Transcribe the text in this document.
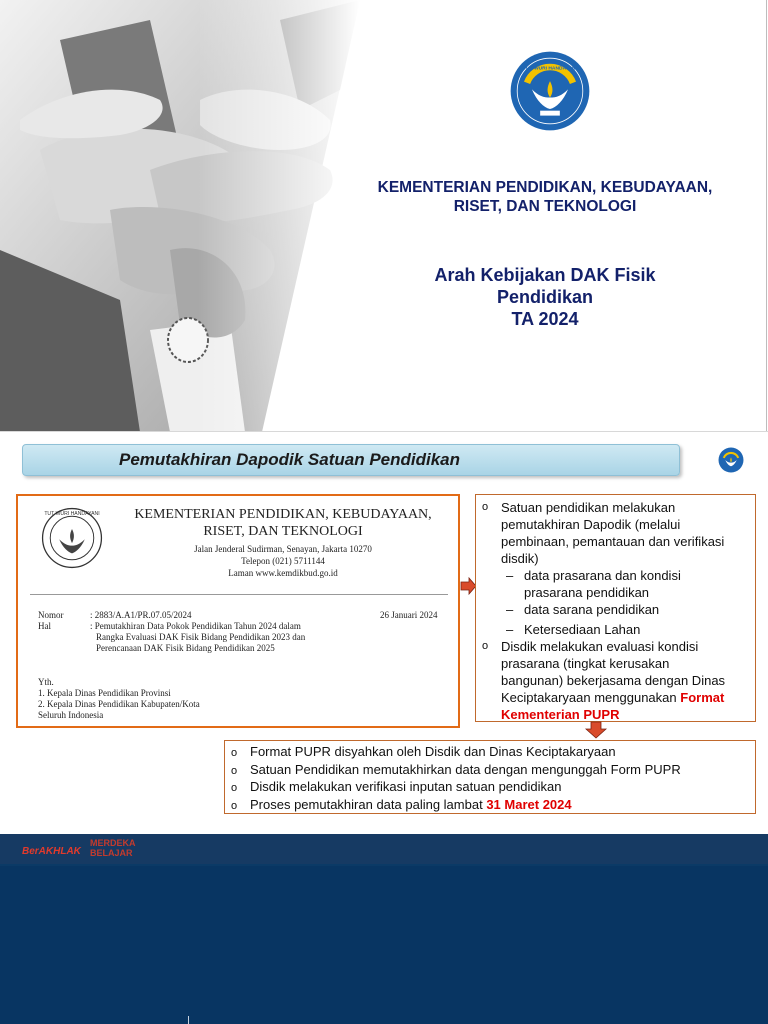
TUT WURI HANDAYANI
KEMENTERIAN PENDIDIKAN, KEBUDAYAAN,
RISET, DAN TEKNOLOGI
Arah Kebijakan DAK Fisik
Pendidikan
TA 2024
Pemutakhiran Dapodik Satuan Pendidikan
TUT WURI HANDAYANI	KEMENTERIAN PENDIDIKAN, KEBUDAYAAN,
RISET, DAN TEKNOLOGI
Jalan Jenderal Sudirman, Senayan, Jakarta 10270
Telepon (021) 5711144
Laman www.kemdikbud.go.id
Nomor	: 2883/A.A1/PR.07.05/2024	26 Januari 2024
Hal	: Pemutakhiran Data Pokok Pendidikan Tahun 2024 dalam
Rangka Evaluasi DAK Fisik Bidang Pendidikan 2023 dan
Perencanaan DAK Fisik Bidang Pendidikan 2025
Yth.
1. Kepala Dinas Pendidikan Provinsi
2. Kepala Dinas Pendidikan Kabupaten/Kota
Seluruh Indonesia
o Satuan pendidikan melakukan
pemutakhiran Dapodik (melalui
pembinaan, pemantauan dan verifikasi
disdik)
– data prasarana dan kondisi
prasarana pendidikan
– data sarana pendidikan
– Ketersediaan Lahan
o Disdik melakukan evaluasi kondisi
prasarana (tingkat kerusakan
bangunan) bekerjasama dengan Dinas
Keciptakaryaan menggunakan Format
Kementerian PUPR
o Format PUPR disyahkan oleh Disdik dan Dinas Keciptakaryaan
o Satuan Pendidikan memutakhirkan data dengan mengunggah Form PUPR
o Disdik melakukan verifikasi inputan satuan pendidikan
o Proses pemutakhiran data paling lambat 31 Maret 2024
BerAKHLAK
MERDEKA
BELAJAR
